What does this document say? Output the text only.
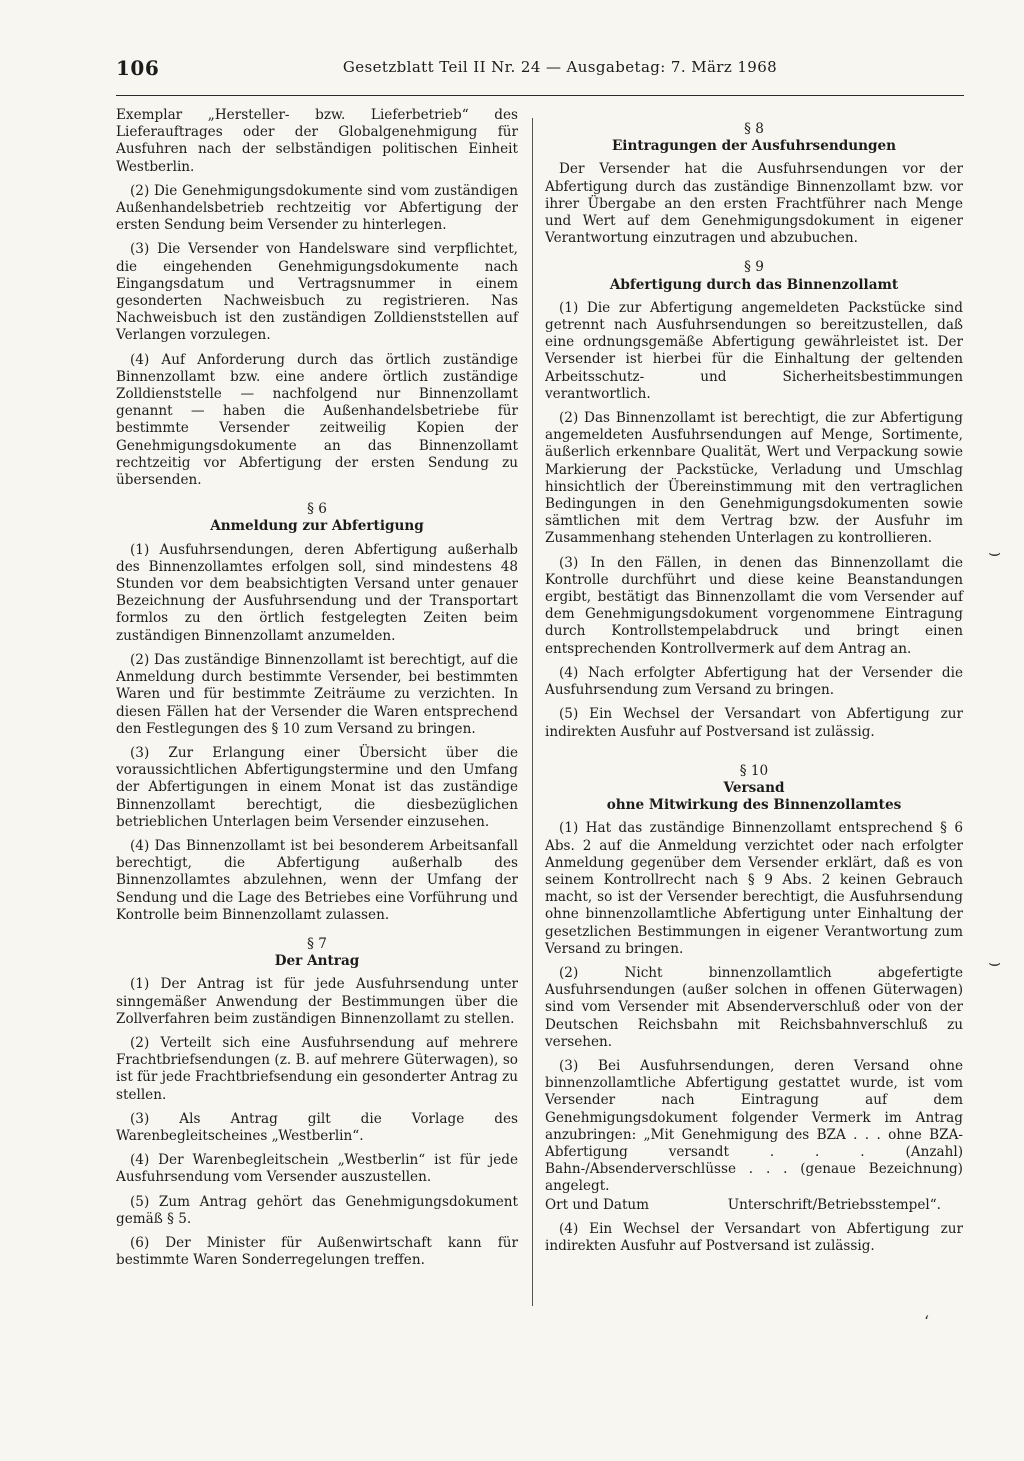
106	Gesetzblatt Teil II Nr. 24 — Ausgabetag: 7. März 1968

Exemplar „Hersteller- bzw. Lieferbetrieb“ des Lieferauftrages oder der Globalgenehmigung für Ausfuhren nach der selbständigen politischen Einheit Westberlin.

(2) Die Genehmigungsdokumente sind vom zuständigen Außenhandelsbetrieb rechtzeitig vor Abfertigung der ersten Sendung beim Versender zu hinterlegen.

(3) Die Versender von Handelsware sind verpflichtet, die eingehenden Genehmigungsdokumente nach Eingangsdatum und Vertragsnummer in einem gesonderten Nachweisbuch zu registrieren. Nas Nachweisbuch ist den zuständigen Zolldienststellen auf Verlangen vorzulegen.

(4) Auf Anforderung durch das örtlich zuständige Binnenzollamt bzw. eine andere örtlich zuständige Zolldienststelle — nachfolgend nur Binnenzollamt genannt — haben die Außenhandelsbetriebe für bestimmte Versender zeitweilig Kopien der Genehmigungsdokumente an das Binnenzollamt rechtzeitig vor Abfertigung der ersten Sendung zu übersenden.

§ 6
Anmeldung zur Abfertigung

(1) Ausfuhrsendungen, deren Abfertigung außerhalb des Binnenzollamtes erfolgen soll, sind mindestens 48 Stunden vor dem beabsichtigten Versand unter genauer Bezeichnung der Ausfuhrsendung und der Transportart formlos zu den örtlich festgelegten Zeiten beim zuständigen Binnenzollamt anzumelden.

(2) Das zuständige Binnenzollamt ist berechtigt, auf die Anmeldung durch bestimmte Versender, bei bestimmten Waren und für bestimmte Zeiträume zu verzichten. In diesen Fällen hat der Versender die Waren entsprechend den Festlegungen des § 10 zum Versand zu bringen.

(3) Zur Erlangung einer Übersicht über die voraussichtlichen Abfertigungstermine und den Umfang der Abfertigungen in einem Monat ist das zuständige Binnenzollamt berechtigt, die diesbezüglichen betrieblichen Unterlagen beim Versender einzusehen.

(4) Das Binnenzollamt ist bei besonderem Arbeitsanfall berechtigt, die Abfertigung außerhalb des Binnenzollamtes abzulehnen, wenn der Umfang der Sendung und die Lage des Betriebes eine Vorführung und Kontrolle beim Binnenzollamt zulassen.

§ 7
Der Antrag

(1) Der Antrag ist für jede Ausfuhrsendung unter sinngemäßer Anwendung der Bestimmungen über die Zollverfahren beim zuständigen Binnenzollamt zu stellen.

(2) Verteilt sich eine Ausfuhrsendung auf mehrere Frachtbriefsendungen (z. B. auf mehrere Güterwagen), so ist für jede Frachtbriefsendung ein gesonderter Antrag zu stellen.

(3) Als Antrag gilt die Vorlage des Warenbegleitscheines „Westberlin“.

(4) Der Warenbegleitschein „Westberlin“ ist für jede Ausfuhrsendung vom Versender auszustellen.

(5) Zum Antrag gehört das Genehmigungsdokument gemäß § 5.

(6) Der Minister für Außenwirtschaft kann für bestimmte Waren Sonderregelungen treffen.

§ 8
Eintragungen der Ausfuhrsendungen

Der Versender hat die Ausfuhrsendungen vor der Abfertigung durch das zuständige Binnenzollamt bzw. vor ihrer Übergabe an den ersten Frachtführer nach Menge und Wert auf dem Genehmigungsdokument in eigener Verantwortung einzutragen und abzubuchen.

§ 9
Abfertigung durch das Binnenzollamt

(1) Die zur Abfertigung angemeldeten Packstücke sind getrennt nach Ausfuhrsendungen so bereitzustellen, daß eine ordnungsgemäße Abfertigung gewährleistet ist. Der Versender ist hierbei für die Einhaltung der geltenden Arbeitsschutz- und Sicherheitsbestimmungen verantwortlich.

(2) Das Binnenzollamt ist berechtigt, die zur Abfertigung angemeldeten Ausfuhrsendungen auf Menge, Sortimente, äußerlich erkennbare Qualität, Wert und Verpackung sowie Markierung der Packstücke, Verladung und Umschlag hinsichtlich der Übereinstimmung mit den vertraglichen Bedingungen in den Genehmigungsdokumenten sowie sämtlichen mit dem Vertrag bzw. der Ausfuhr im Zusammenhang stehenden Unterlagen zu kontrollieren.

(3) In den Fällen, in denen das Binnenzollamt die Kontrolle durchführt und diese keine Beanstandungen ergibt, bestätigt das Binnenzollamt die vom Versender auf dem Genehmigungsdokument vorgenommene Eintragung durch Kontrollstempelabdruck und bringt einen entsprechenden Kontrollvermerk auf dem Antrag an.

(4) Nach erfolgter Abfertigung hat der Versender die Ausfuhrsendung zum Versand zu bringen.

(5) Ein Wechsel der Versandart von Abfertigung zur indirekten Ausfuhr auf Postversand ist zulässig.

§ 10
Versand
ohne Mitwirkung des Binnenzollamtes

(1) Hat das zuständige Binnenzollamt entsprechend § 6 Abs. 2 auf die Anmeldung verzichtet oder nach erfolgter Anmeldung gegenüber dem Versender erklärt, daß es von seinem Kontrollrecht nach § 9 Abs. 2 keinen Gebrauch macht, so ist der Versender berechtigt, die Ausfuhrsendung ohne binnenzollamtliche Abfertigung unter Einhaltung der gesetzlichen Bestimmungen in eigener Verantwortung zum Versand zu bringen.

(2) Nicht binnenzollamtlich abgefertigte Ausfuhrsendungen (außer solchen in offenen Güterwagen) sind vom Versender mit Absenderverschluß oder von der Deutschen Reichsbahn mit Reichsbahnverschluß zu versehen.

(3) Bei Ausfuhrsendungen, deren Versand ohne binnenzollamtliche Abfertigung gestattet wurde, ist vom Versender nach Eintragung auf dem Genehmigungsdokument folgender Vermerk im Antrag anzubringen: „Mit Genehmigung des BZA . . . ohne BZA-Abfertigung versandt . . . (Anzahl) Bahn-/Absenderverschlüsse . . . (genaue Bezeichnung) angelegt.

Ort und Datum	Unterschrift/Betriebsstempel“.

(4) Ein Wechsel der Versandart von Abfertigung zur indirekten Ausfuhr auf Postversand ist zulässig.

⌣
⌣
ʻ
